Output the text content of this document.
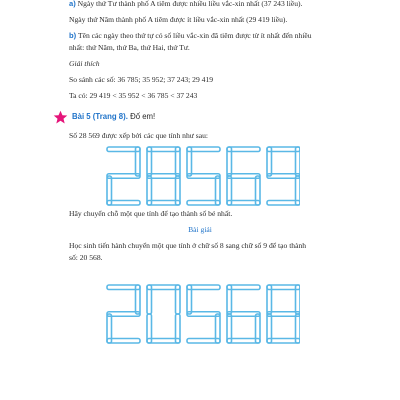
a) Ngày thứ Tư thành phố A tiêm được nhiều liều vắc-xin nhất (37 243 liều).
Ngày thứ Năm thành phố A tiêm được ít liều vắc-xin nhất (29 419 liều).
b) Tên các ngày theo thứ tự có số liều vắc-xin đã tiêm được từ ít nhất đến nhiều
nhất: thứ Năm, thứ Ba, thứ Hai, thứ Tư.
Giải thích
So sánh các số: 36 785; 35 952; 37 243; 29 419
Ta có: 29 419 < 35 952 < 36 785 < 37 243
Bài 5 (Trang 8). Đố em!
Số 28 569 được xếp bởi các que tính như sau:
Hãy chuyển chỗ một que tính để tạo thành số bé nhất.
Bài giải
Học sinh tiến hành chuyển một que tính ở chữ số 8 sang chữ số 9 để tạo thành
số: 20 568.
